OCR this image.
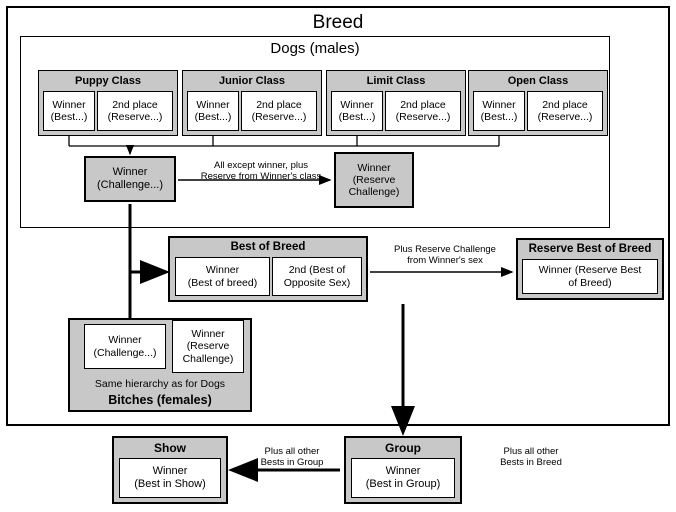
Breed
Dogs (males)
Puppy Class
Winner
(Best...)
2nd place
(Reserve...)
Junior Class
Winner
(Best...)
2nd place
(Reserve...)
Limit Class
Winner
(Best...)
2nd place
(Reserve...)
Open Class
Winner
(Best...)
2nd place
(Reserve...)
Winner
(Challenge...)
All except winner, plus
Reserve from Winner's class
Winner
(Reserve
Challenge)
Best of Breed
Winner
(Best of breed)
2nd (Best of
Opposite Sex)
Plus Reserve Challenge
from Winner's sex
Reserve Best of Breed
Winner (Reserve Best
of Breed)
Winner
(Challenge...)
Winner
(Reserve
Challenge)
Same hierarchy as for Dogs
Bitches (females)
Group
Winner
(Best in Group)
Plus all other
Bests in Breed
Show
Winner
(Best in Show)
Plus all other
Bests in Group
